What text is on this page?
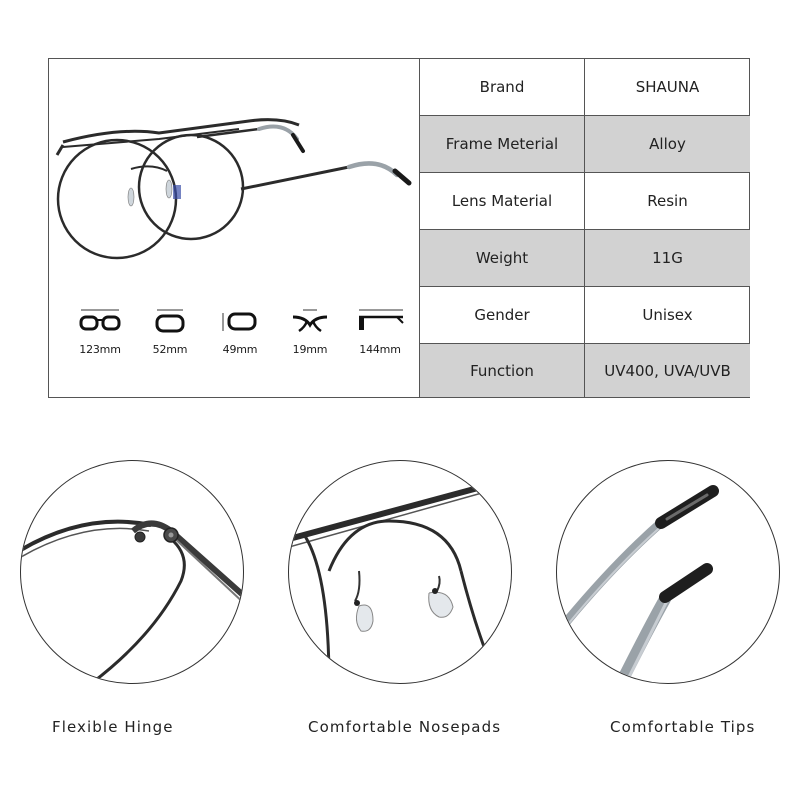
123mm	52mm	49mm	19mm	144mm
Brand	SHAUNA
Frame Meterial	Alloy
Lens Material	Resin
Weight	11G
Gender	Unisex
Function	UV400, UVA/UVB
Flexible Hinge	Comfortable Nosepads	Comfortable Tips
